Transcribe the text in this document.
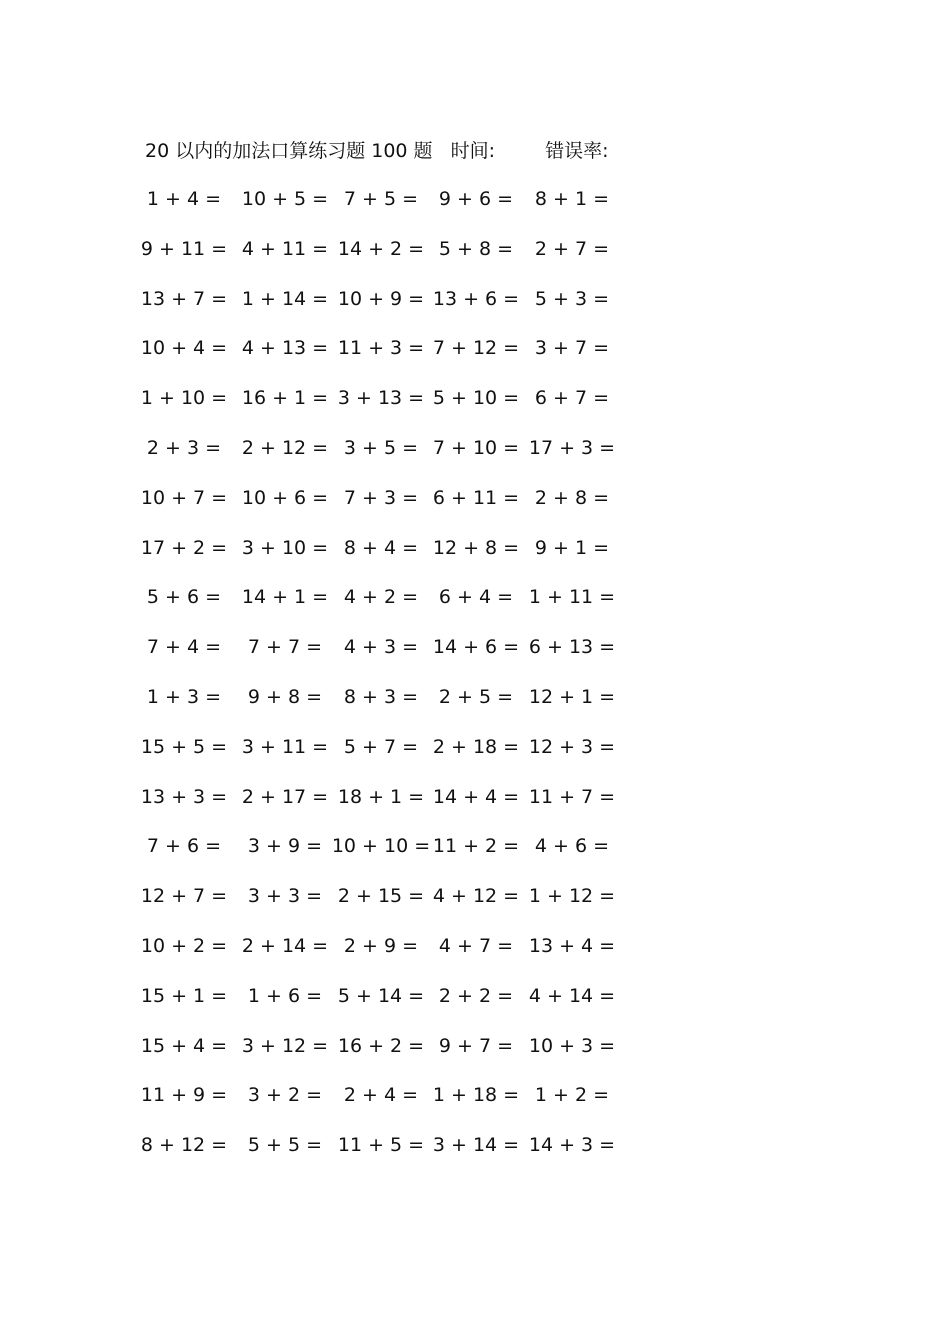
20 以内的加法口算练习题 100 题 时间:	错误率:
1 + 4 = 10 + 5 = 7 + 5 = 9 + 6 = 8 + 1 =
9 + 11 = 4 + 11 = 14 + 2 = 5 + 8 = 2 + 7 =
13 + 7 = 1 + 14 = 10 + 9 = 13 + 6 = 5 + 3 =
10 + 4 = 4 + 13 = 11 + 3 = 7 + 12 = 3 + 7 =
1 + 10 = 16 + 1 = 3 + 13 = 5 + 10 = 6 + 7 =
2 + 3 = 2 + 12 = 3 + 5 = 7 + 10 = 17 + 3 =
10 + 7 = 10 + 6 = 7 + 3 = 6 + 11 = 2 + 8 =
17 + 2 = 3 + 10 = 8 + 4 = 12 + 8 = 9 + 1 =
5 + 6 = 14 + 1 = 4 + 2 = 6 + 4 = 1 + 11 =
7 + 4 = 7 + 7 = 4 + 3 = 14 + 6 = 6 + 13 =
1 + 3 = 9 + 8 = 8 + 3 = 2 + 5 = 12 + 1 =
15 + 5 = 3 + 11 = 5 + 7 = 2 + 18 = 12 + 3 =
13 + 3 = 2 + 17 = 18 + 1 = 14 + 4 = 11 + 7 =
7 + 6 = 3 + 9 = 10 + 10 = 11 + 2 = 4 + 6 =
12 + 7 = 3 + 3 = 2 + 15 = 4 + 12 = 1 + 12 =
10 + 2 = 2 + 14 = 2 + 9 = 4 + 7 = 13 + 4 =
15 + 1 = 1 + 6 = 5 + 14 = 2 + 2 = 4 + 14 =
15 + 4 = 3 + 12 = 16 + 2 = 9 + 7 = 10 + 3 =
11 + 9 = 3 + 2 = 2 + 4 = 1 + 18 = 1 + 2 =
8 + 12 = 5 + 5 = 11 + 5 = 3 + 14 = 14 + 3 =
